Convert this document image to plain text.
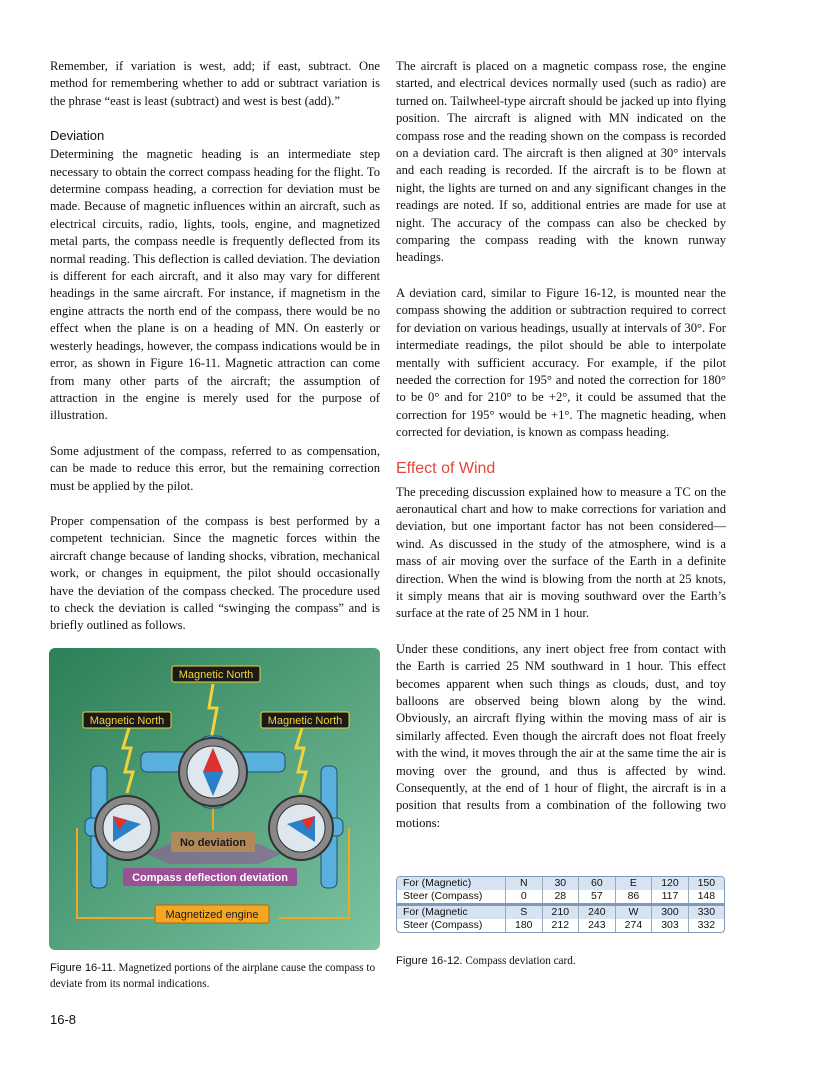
Remember, if variation is west, add; if east, subtract. One method for remembering whether to add or subtract variation is the phrase “east is least (subtract) and west is best (add).”

Deviation

Determining the magnetic heading is an intermediate step necessary to obtain the correct compass heading for the flight. To determine compass heading, a correction for deviation must be made. Because of magnetic influences within an aircraft, such as electrical circuits, radio, lights, tools, engine, and magnetized metal parts, the compass needle is frequently deflected from its normal reading. This deflection is called deviation. The deviation is different for each aircraft, and it also may vary for different headings in the same aircraft. For instance, if magnetism in the engine attracts the north end of the compass, there would be no effect when the plane is on a heading of MN. On easterly or westerly headings, however, the compass indications would be in error, as shown in Figure 16-11. Magnetic attraction can come from many other parts of the aircraft; the assumption of attraction in the engine is merely used for the purpose of illustration.

Some adjustment of the compass, referred to as compensation, can be made to reduce this error, but the remaining correction must be applied by the pilot.

Proper compensation of the compass is best performed by a competent technician. Since the magnetic forces within the aircraft change because of landing shocks, vibration, mechanical work, or changes in equipment, the pilot should occasionally have the deviation of the compass checked. The procedure used to check the deviation is called “swinging the compass” and is briefly outlined as follows.

The aircraft is placed on a magnetic compass rose, the engine started, and electrical devices normally used (such as radio) are turned on. Tailwheel-type aircraft should be jacked up into flying position. The aircraft is aligned with MN indicated on the compass rose and the reading shown on the compass is recorded on a deviation card. The aircraft is then aligned at 30° intervals and each reading is recorded. If the aircraft is to be flown at night, the lights are turned on and any significant changes in the readings are noted. If so, additional entries are made for use at night. The accuracy of the compass can also be checked by comparing the compass reading with the known runway headings.

A deviation card, similar to Figure 16-12, is mounted near the compass showing the addition or subtraction required to correct for deviation on various headings, usually at intervals of 30°. For intermediate readings, the pilot should be able to interpolate mentally with sufficient accuracy. For example, if the pilot needed the correction for 195° and noted the correction for 180° to be 0° and for 210° to be +2°, it could be assumed that the correction for 195° would be +1°. The magnetic heading, when corrected for deviation, is known as compass heading.

Effect of Wind

The preceding discussion explained how to measure a TC on the aeronautical chart and how to make corrections for variation and deviation, but one important factor has not been considered—wind. As discussed in the study of the atmosphere, wind is a mass of air moving over the surface of the Earth in a definite direction. When the wind is blowing from the north at 25 knots, it simply means that air is moving southward over the Earth’s surface at the rate of 25 NM in 1 hour.

Under these conditions, any inert object free from contact with the Earth is carried 25 NM southward in 1 hour. This effect becomes apparent when such things as clouds, dust, and toy balloons are observed being blown along by the wind. Obviously, an aircraft flying within the moving mass of air is similarly affected. Even though the aircraft does not float freely with the wind, it moves through the air at the same time the air is moving over the ground, and thus is affected by wind. Consequently, at the end of 1 hour of flight, the aircraft is in a position that results from a combination of the following two motions:

Magnetic North
Magnetic North	Magnetic North
No deviation
Compass deflection deviation
Magnetized engine
Figure 16-11. Magnetized portions of the airplane cause the compass to deviate from its normal indications.
For (Magnetic)	N	30	60	E	120	150
Steer (Compass)	0	28	57	86	117	148

For (Magnetic	S	210	240	W	300	330
Steer (Compass)	180	212	243	274	303	332
Figure 16-12. Compass deviation card.
16-8
